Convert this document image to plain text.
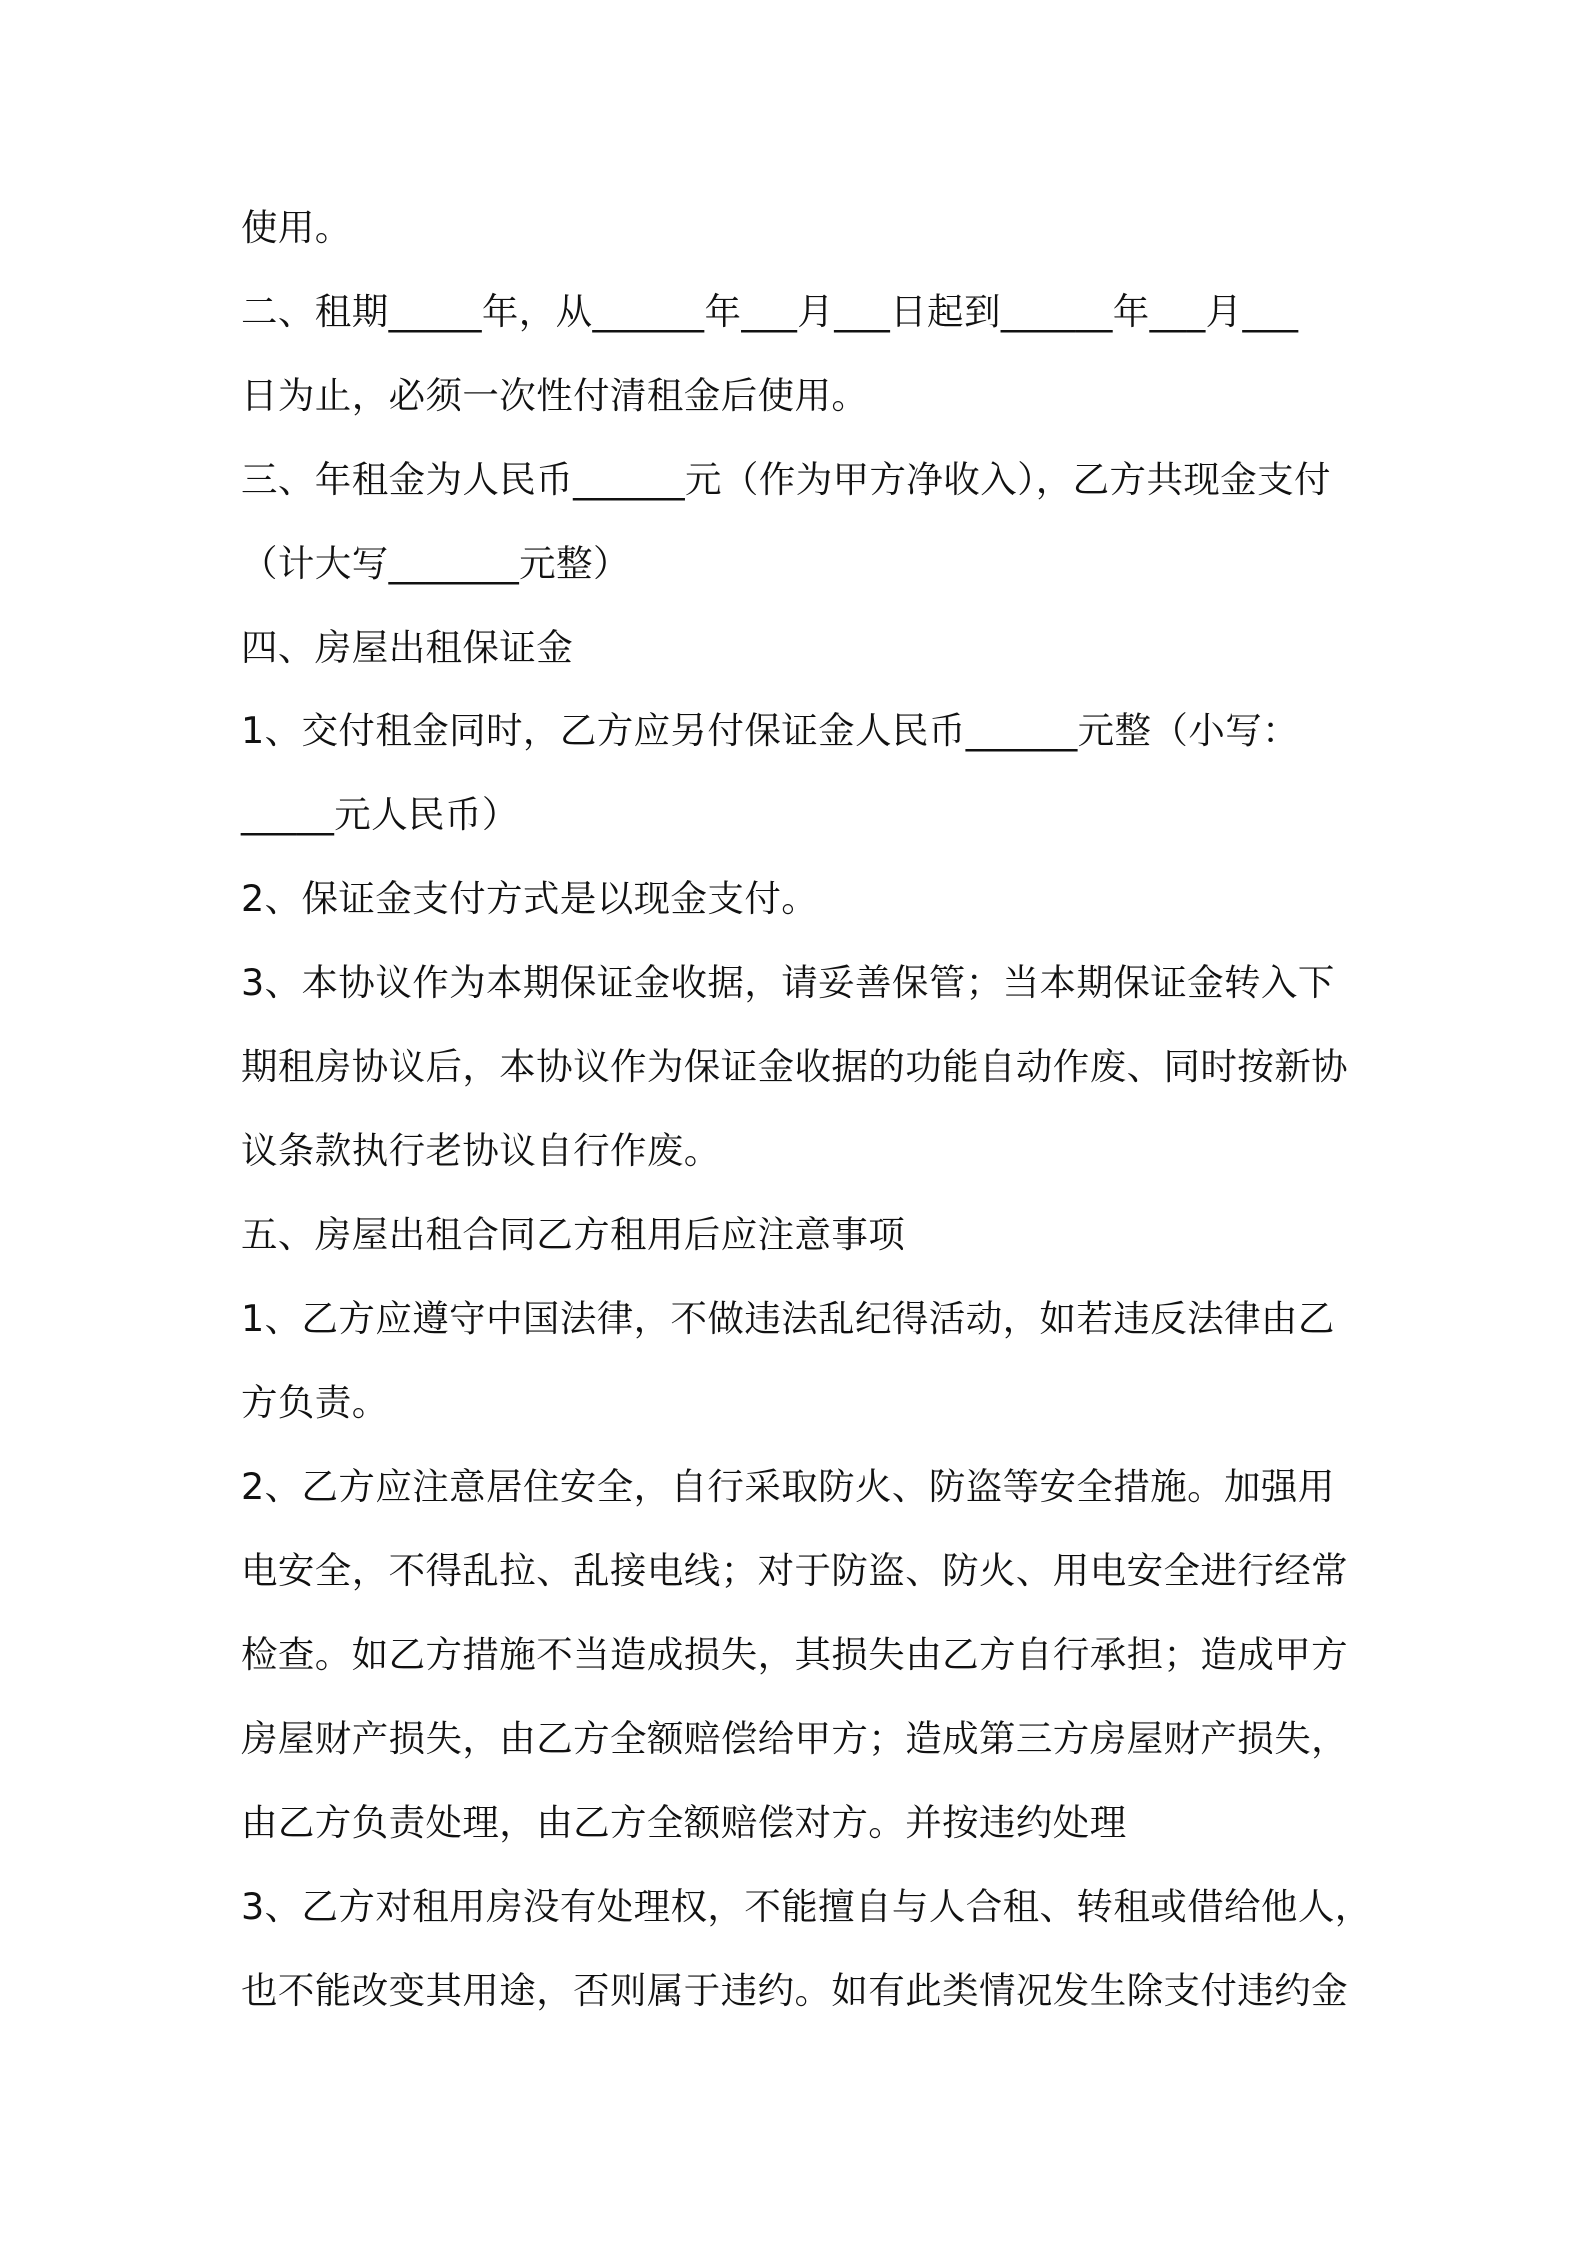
使用。
二、租期_____年，从______年___月___日起到______年___月___
日为止，必须一次性付清租金后使用。
三、年租金为人民币______元（作为甲方净收入），乙方共现金支付
（计大写_______元整）
四、房屋出租保证金
1、交付租金同时，乙方应另付保证金人民币______元整（小写：
_____元人民币）
2、保证金支付方式是以现金支付。
3、本协议作为本期保证金收据，请妥善保管；当本期保证金转入下
期租房协议后，本协议作为保证金收据的功能自动作废、同时按新协
议条款执行老协议自行作废。
五、房屋出租合同乙方租用后应注意事项
1、乙方应遵守中国法律，不做违法乱纪得活动，如若违反法律由乙
方负责。
2、乙方应注意居住安全，自行采取防火、防盗等安全措施。加强用
电安全，不得乱拉、乱接电线；对于防盗、防火、用电安全进行经常
检查。如乙方措施不当造成损失，其损失由乙方自行承担；造成甲方
房屋财产损失，由乙方全额赔偿给甲方；造成第三方房屋财产损失，
由乙方负责处理，由乙方全额赔偿对方。并按违约处理
3、乙方对租用房没有处理权，不能擅自与人合租、转租或借给他人，
也不能改变其用途，否则属于违约。如有此类情况发生除支付违约金
